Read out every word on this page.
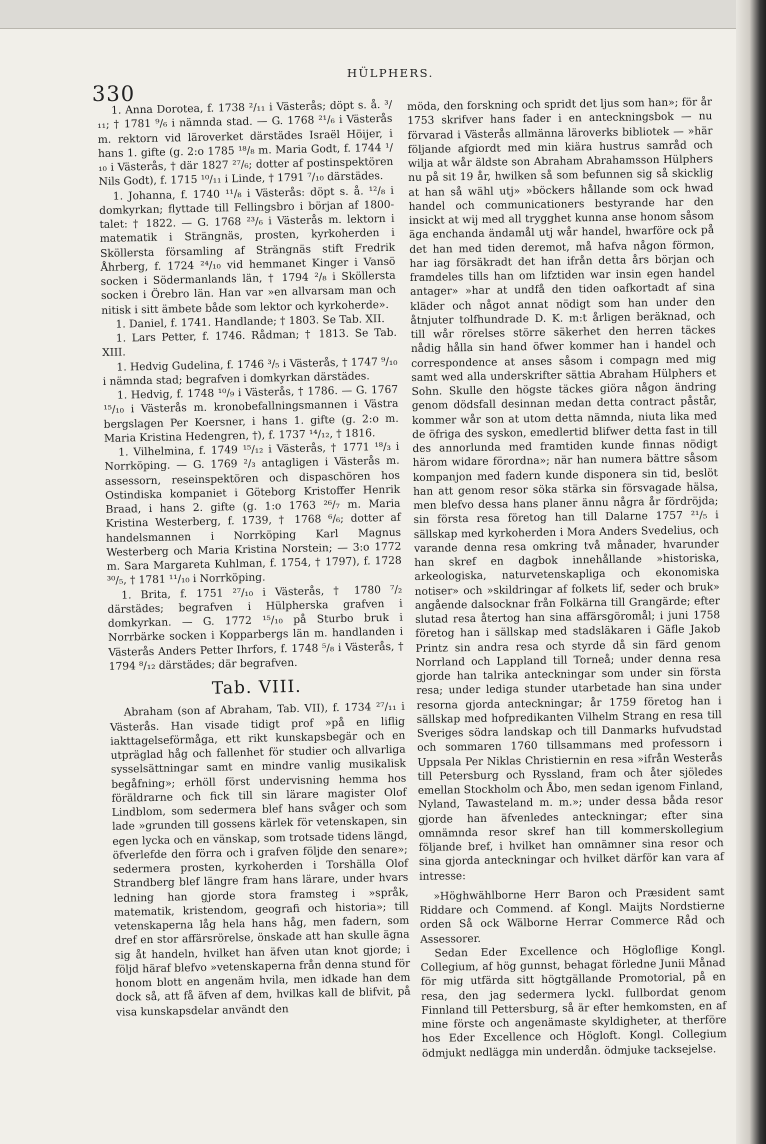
330
HÜLPHERS.

1. Anna Dorotea, f. 1738 ²/₁₁ i Västerås; döpt s. å. ³/₁₁; † 1781 ⁹/₆ i nämnda stad. — G. 1768 ²¹/₆ i Västerås m. rektorn vid läroverket därstädes Israël Höijer, i hans 1. gifte (g. 2:o 1785 ¹⁸/₈ m. Maria Godt, f. 1744 ¹/₁₀ i Västerås, † där 1827 ²⁷/₆; dotter af postinspektören Nils Godt), f. 1715 ¹⁰/₁₁ i Linde, † 1791 ⁷/₁₀ därstädes.

1. Johanna, f. 1740 ¹¹/₈ i Västerås: döpt s. å. ¹²/₈ i domkyrkan; flyttade till Fellingsbro i början af 1800-talet: † 1822. — G. 1768 ²³/₆ i Västerås m. lektorn i matematik i Strängnäs, prosten, kyrkoherden i Sköllersta församling af Strängnäs stift Fredrik Åhrberg, f. 1724 ²⁴/₁₀ vid hemmanet Kinger i Vansö socken i Södermanlands län, † 1794 ²/₈ i Sköllersta socken i Örebro län. Han var »en allvarsam man och nitisk i sitt ämbete både som lektor och kyrkoherde».

1. Daniel, f. 1741. Handlande; † 1803. Se Tab. XII.

1. Lars Petter, f. 1746. Rådman; † 1813. Se Tab. XIII.

1. Hedvig Gudelina, f. 1746 ³/₅ i Västerås, † 1747 ⁹/₁₀ i nämnda stad; begrafven i domkyrkan därstädes.

1. Hedvig, f. 1748 ¹⁰/₉ i Västerås, † 1786. — G. 1767 ¹⁵/₁₀ i Västerås m. kronobefallningsmannen i Västra bergslagen Per Koersner, i hans 1. gifte (g. 2:o m. Maria Kristina Hedengren, †), f. 1737 ¹⁴/₁₂, † 1816.

1. Vilhelmina, f. 1749 ¹⁵/₁₂ i Västerås, † 1771 ¹⁸/₃ i Norrköping. — G. 1769 ²/₃ antagligen i Västerås m. assessorn, reseinspektören och dispaschören hos Ostindiska kompaniet i Göteborg Kristoffer Henrik Braad, i hans 2. gifte (g. 1:o 1763 ²⁶/₇ m. Maria Kristina Westerberg, f. 1739, † 1768 ⁶/₆; dotter af handelsmannen i Norrköping Karl Magnus Westerberg och Maria Kristina Norstein; — 3:o 1772 m. Sara Margareta Kuhlman, f. 1754, † 1797), f. 1728 ³⁰/₅, † 1781 ¹¹/₁₀ i Norrköping.

1. Brita, f. 1751 ²⁷/₁₀ i Västerås, † 1780 ⁷/₂ därstädes; begrafven i Hülpherska grafven i domkyrkan. — G. 1772 ¹⁵/₁₀ på Sturbo bruk i Norrbärke socken i Kopparbergs län m. handlanden i Västerås Anders Petter Ihrfors, f. 1748 ⁵/₈ i Västerås, † 1794 ⁸/₁₂ därstädes; där begrafven.

Tab. VIII.

Abraham (son af Abraham, Tab. VII), f. 1734 ²⁷/₁₁ i Västerås. Han visade tidigt prof »på en liflig iakttagelseförmåga, ett rikt kunskapsbegär och en utpräglad håg och fallenhet för studier och allvarliga sysselsättningar samt en mindre vanlig musikalisk begåfning»; erhöll först undervisning hemma hos föräldrarne och fick till sin lärare magister Olof Lindblom, som sedermera blef hans svåger och som lade »grunden till gossens kärlek för vetenskapen, sin egen lycka och en vänskap, som trotsade tidens längd, öfverlefde den förra och i grafven följde den senare»; sedermera prosten, kyrkoherden i Torshälla Olof Strandberg blef längre fram hans lärare, under hvars ledning han gjorde stora framsteg i »språk, matematik, kristendom, geografi och historia»; till vetenskaperna låg hela hans håg, men fadern, som dref en stor affärsrörelse, önskade att han skulle ägna sig åt handeln, hvilket han äfven utan knot gjorde; i följd häraf blefvo »vetenskaperna från denna stund för honom blott en angenäm hvila, men idkade han dem dock så, att få äfven af dem, hvilkas kall de blifvit, på visa kunskapsdelar användt den

möda, den forskning och spridt det ljus som han»; för år 1753 skrifver hans fader i en anteckningsbok — nu förvarad i Västerås allmänna läroverks bibliotek — »här följande afgiordt med min kiära hustrus samråd och wilja at wår äldste son Abraham Abrahamsson Hülphers nu på sit 19 år, hwilken så som befunnen sig så skicklig at han så wähl utj» »böckers hållande som ock hwad handel och communicationers bestyrande har den insickt at wij med all trygghet kunna anse honom såsom äga enchanda ändamål utj wår handel, hwarföre ock på det han med tiden deremot, må hafva någon förmon, har iag försäkradt det han ifrån detta års början och framdeles tills han om lifztiden war insin egen handel antager» »har at undfå den tiden oafkortadt af sina kläder och något annat nödigt som han under den åtnjuter tolfhundrade D. K. m:t årligen beräknad, och till wår rörelses större säkerhet den herren täckes nådig hålla sin hand öfwer kommer han i handel och correspondence at anses såsom i compagn med mig samt wed alla underskrifter sättia Abraham Hülphers et Sohn. Skulle den högste täckes giöra någon ändring genom dödsfall desinnan medan detta contract påstår, kommer wår son at utom detta nämnda, niuta lika med de öfriga des syskon, emedlertid blifwer detta fast in till des annorlunda med framtiden kunde finnas nödigt härom widare förordna»; när han numera bättre såsom kompanjon med fadern kunde disponera sin tid, beslöt han att genom resor söka stärka sin försvagade hälsa, men blefvo dessa hans planer ännu några år fördröjda; sin första resa företog han till Dalarne 1757 ²¹/₅ i sällskap med kyrkoherden i Mora Anders Svedelius, och varande denna resa omkring två månader, hvarunder han skref en dagbok innehållande »historiska, arkeologiska, naturvetenskapliga och ekonomiska notiser» och »skildringar af folkets lif, seder och bruk» angående dalsocknar från Folkärna till Grangärde; efter slutad resa återtog han sina affärsgöromål; i juni 1758 företog han i sällskap med stadsläkaren i Gäfle Jakob Printz sin andra resa och styrde då sin färd genom Norrland och Lappland till Torneå; under denna resa gjorde han talrika anteckningar som under sin första resa; under lediga stunder utarbetade han sina under resorna gjorda anteckningar; år 1759 företog han i sällskap med hofpredikanten Vilhelm Strang en resa till Sveriges södra landskap och till Danmarks hufvudstad och sommaren 1760 tillsammans med professorn i Uppsala Per Niklas Christiernin en resa »ifrån Westerås till Petersburg och Ryssland, fram och åter sjöledes emellan Stockholm och Åbo, men sedan igenom Finland, Nyland, Tawasteland m. m.»; under dessa båda resor gjorde han äfvenledes anteckningar; efter sina omnämnda resor skref han till kommerskollegium följande bref, i hvilket han omnämner sina resor och sina gjorda anteckningar och hvilket därför kan vara af intresse:

»Höghwählborne Herr Baron och Præsident samt Riddare och Commend. af Kongl. Maijts Nordstierne orden Så ock Wälborne Herrar Commerce Råd och Assessorer.

Sedan Eder Excellence och Högloflige Kongl. Collegium, af hög gunnst, behagat förledne Junii Månad för mig utfärda sitt högtgällande Promotorial, på en resa, den jag sedermera lyckl. fullbordat genom Finnland till Pettersburg, så är efter hemkomsten, en af mine förste och angenämaste skyldigheter, at therföre hos Eder Excellence och Högloft. Kongl. Collegium ödmjukt nedlägga min underdån. ödmjuke tacksejelse.
